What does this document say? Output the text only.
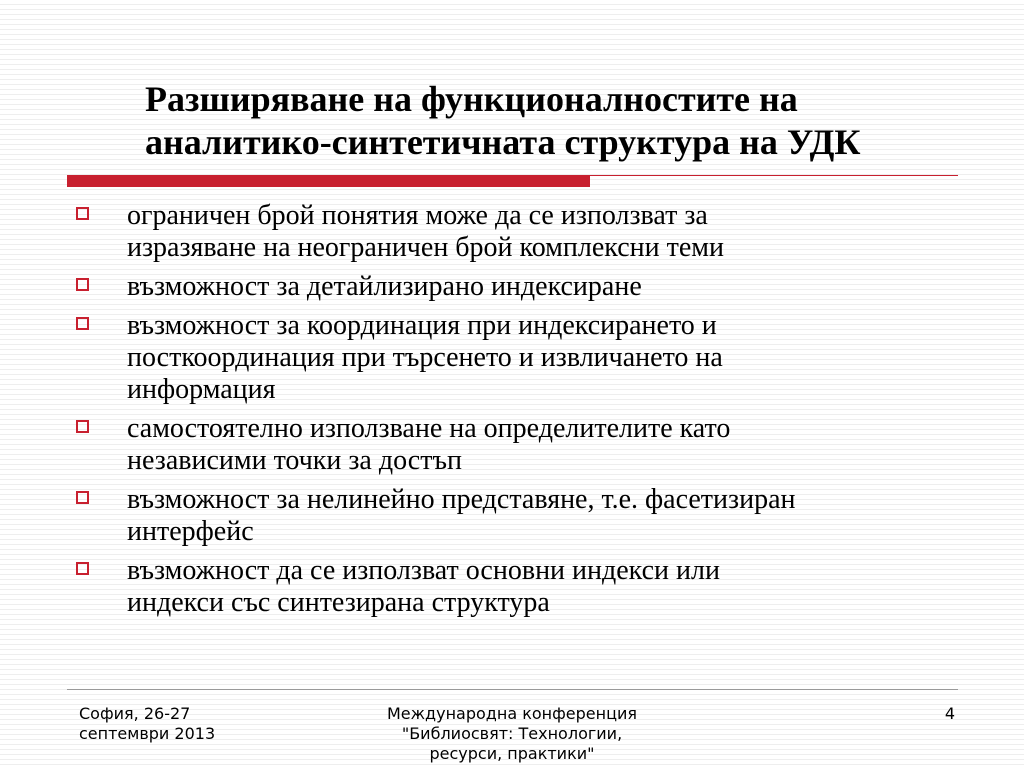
Разширяване на функционалностите на
аналитико-синтетичната структура на УДК
ограничен брой понятия може да се използват за
изразяване на неограничен брой комплексни теми
възможност за детайлизирано индексиране
възможност за координация при индексирането и
посткоординация при търсенето и извличането на
информация
самостоятелно използване на определителите като
независими точки за достъп
възможност за нелинейно представяне, т.е. фасетизиран
интерфейс
възможност да се използват основни индекси или
индекси със синтезирана структура
София, 26-27
септември 2013
Международна конференция
"Библиосвят: Технологии,
ресурси, практики"
4
